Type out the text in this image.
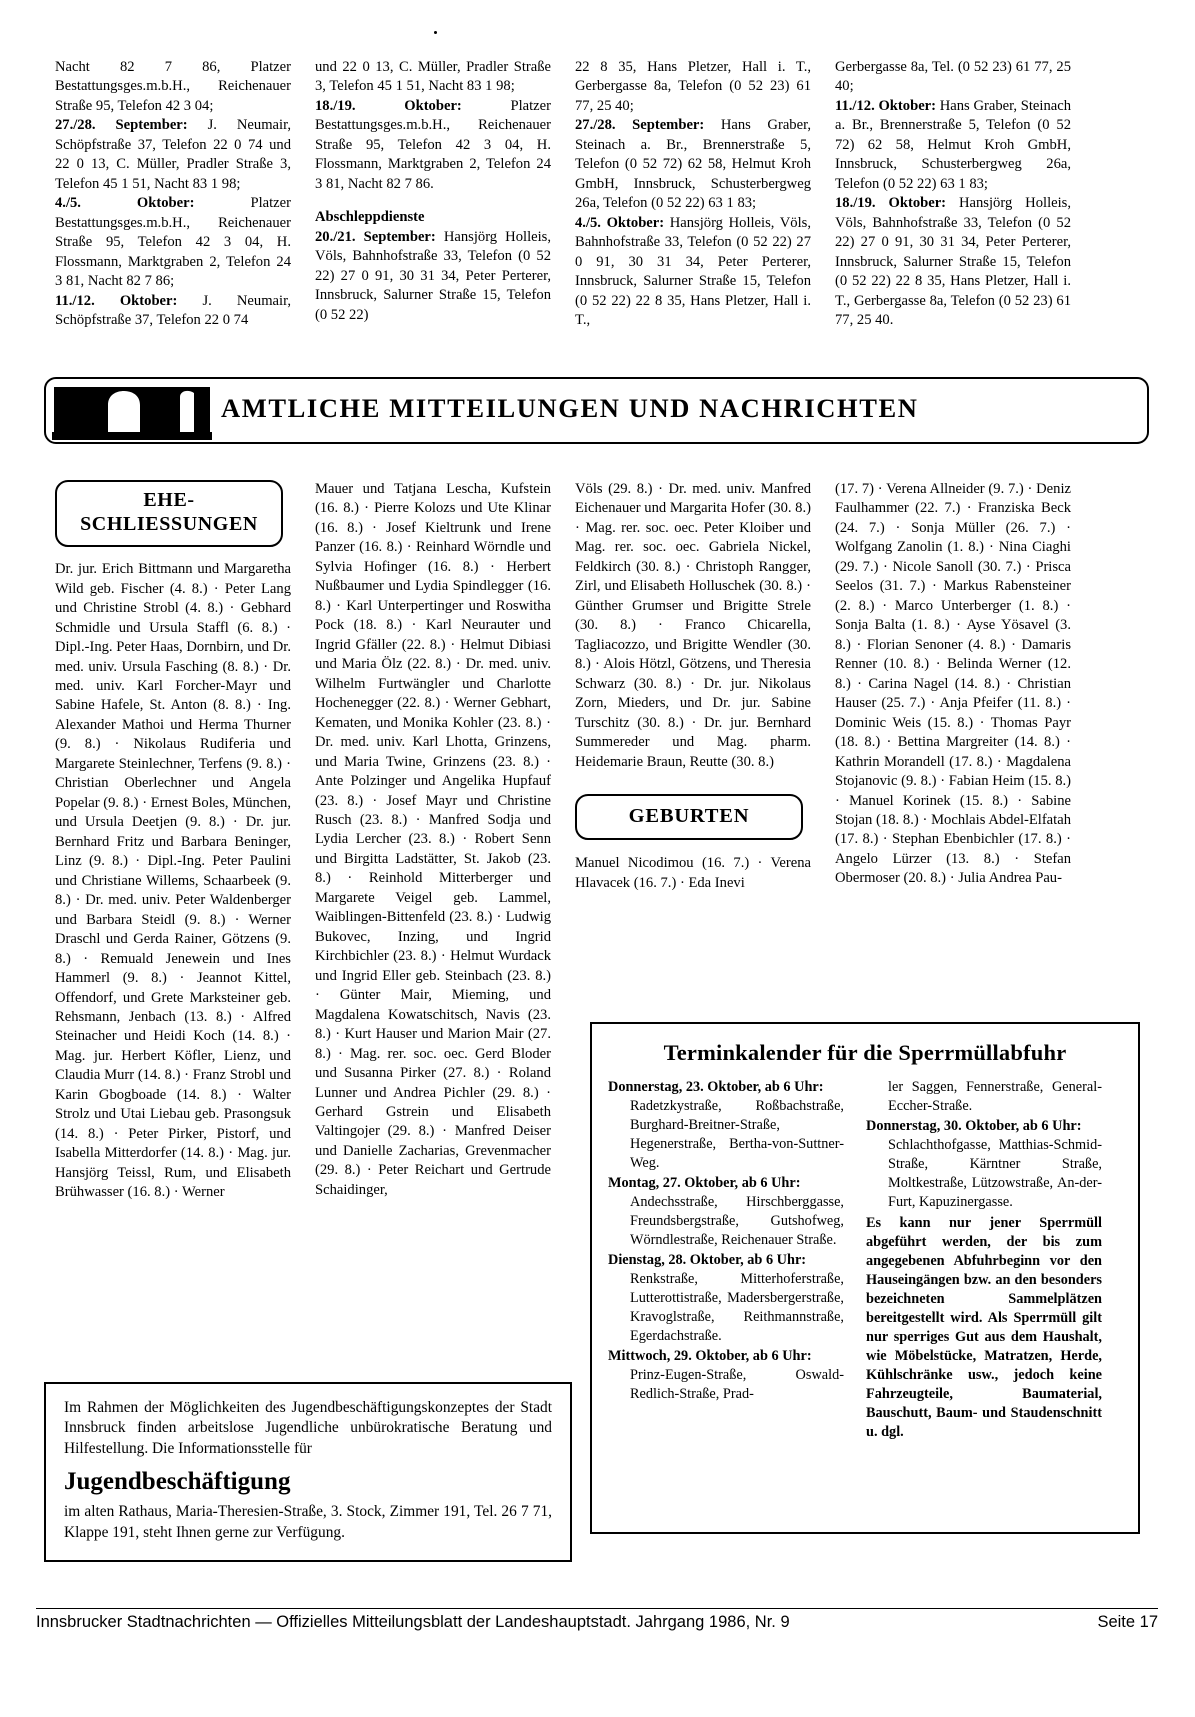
Nacht 82 7 86, Platzer Bestattungsges.m.b.H., Reichenauer Straße 95, Telefon 42 3 04;

27./28. September: J. Neumair, Schöpfstraße 37, Telefon 22 0 74 und 22 0 13, C. Müller, Pradler Straße 3, Telefon 45 1 51, Nacht 83 1 98;

4./5. Oktober: Platzer Bestattungsges.m.b.H., Reichenauer Straße 95, Telefon 42 3 04, H. Flossmann, Marktgraben 2, Telefon 24 3 81, Nacht 82 7 86;

11./12. Oktober: J. Neumair, Schöpfstraße 37, Telefon 22 0 74

und 22 0 13, C. Müller, Pradler Straße 3, Telefon 45 1 51, Nacht 83 1 98;

18./19. Oktober: Platzer Bestattungsges.m.b.H., Reichenauer Straße 95, Telefon 42 3 04, H. Flossmann, Marktgraben 2, Telefon 24 3 81, Nacht 82 7 86.

Abschleppdienste

20./21. September: Hansjörg Holleis, Völs, Bahnhofstraße 33, Telefon (0 52 22) 27 0 91, 30 31 34, Peter Perterer, Innsbruck, Salurner Straße 15, Telefon (0 52 22)

22 8 35, Hans Pletzer, Hall i. T., Gerbergasse 8a, Telefon (0 52 23) 61 77, 25 40;

27./28. September: Hans Graber, Steinach a. Br., Brennerstraße 5, Telefon (0 52 72) 62 58, Helmut Kroh GmbH, Innsbruck, Schusterbergweg 26a, Telefon (0 52 22) 63 1 83;

4./5. Oktober: Hansjörg Holleis, Völs, Bahnhofstraße 33, Telefon (0 52 22) 27 0 91, 30 31 34, Peter Perterer, Innsbruck, Salurner Straße 15, Telefon (0 52 22) 22 8 35, Hans Pletzer, Hall i. T.,

Gerbergasse 8a, Tel. (0 52 23) 61 77, 25 40;

11./12. Oktober: Hans Graber, Steinach a. Br., Brennerstraße 5, Telefon (0 52 72) 62 58, Helmut Kroh GmbH, Innsbruck, Schusterbergweg 26a, Telefon (0 52 22) 63 1 83;

18./19. Oktober: Hansjörg Holleis, Völs, Bahnhofstraße 33, Telefon (0 52 22) 27 0 91, 30 31 34, Peter Perterer, Innsbruck, Salurner Straße 15, Telefon (0 52 22) 22 8 35, Hans Pletzer, Hall i. T., Gerbergasse 8a, Telefon (0 52 23) 61 77, 25 40.

AMTLICHE MITTEILUNGEN UND NACHRICHTEN
EHE-
SCHLIESSUNGEN
Dr. jur. Erich Bittmann und Margaretha Wild geb. Fischer (4. 8.) · Peter Lang und Christine Strobl (4. 8.) · Gebhard Schmidle und Ursula Staffl (6. 8.) · Dipl.-Ing. Peter Haas, Dornbirn, und Dr. med. univ. Ursula Fasching (8. 8.) · Dr. med. univ. Karl Forcher-Mayr und Sabine Hafele, St. Anton (8. 8.) · Ing. Alexander Mathoi und Herma Thurner (9. 8.) · Nikolaus Rudiferia und Margarete Steinlechner, Terfens (9. 8.) · Christian Oberlechner und Angela Popelar (9. 8.) · Ernest Boles, München, und Ursula Deetjen (9. 8.) · Dr. jur. Bernhard Fritz und Barbara Beninger, Linz (9. 8.) · Dipl.-Ing. Peter Paulini und Christiane Willems, Schaarbeek (9. 8.) · Dr. med. univ. Peter Waldenberger und Barbara Steidl (9. 8.) · Werner Draschl und Gerda Rainer, Götzens (9. 8.) · Remuald Jenewein und Ines Hammerl (9. 8.) · Jeannot Kittel, Offendorf, und Grete Marksteiner geb. Rehsmann, Jenbach (13. 8.) · Alfred Steinacher und Heidi Koch (14. 8.) · Mag. jur. Herbert Köfler, Lienz, und Claudia Murr (14. 8.) · Franz Strobl und Karin Gbogboade (14. 8.) · Walter Strolz und Utai Liebau geb. Prasongsuk (14. 8.) · Peter Pirker, Pistorf, und Isabella Mitterdorfer (14. 8.) · Mag. jur. Hansjörg Teissl, Rum, und Elisabeth Brühwasser (16. 8.) · Werner
Mauer und Tatjana Lescha, Kufstein (16. 8.) · Pierre Kolozs und Ute Klinar (16. 8.) · Josef Kieltrunk und Irene Panzer (16. 8.) · Reinhard Wörndle und Sylvia Hofinger (16. 8.) · Herbert Nußbaumer und Lydia Spindlegger (16. 8.) · Karl Unterpertinger und Roswitha Pock (18. 8.) · Karl Neurauter und Ingrid Gfäller (22. 8.) · Helmut Dibiasi und Maria Ölz (22. 8.) · Dr. med. univ. Wilhelm Furtwängler und Charlotte Hochenegger (22. 8.) · Werner Gebhart, Kematen, und Monika Kohler (23. 8.) · Dr. med. univ. Karl Lhotta, Grinzens, und Maria Twine, Grinzens (23. 8.) · Ante Polzinger und Angelika Hupfauf (23. 8.) · Josef Mayr und Christine Rusch (23. 8.) · Manfred Sodja und Lydia Lercher (23. 8.) · Robert Senn und Birgitta Ladstätter, St. Jakob (23. 8.) · Reinhold Mitterberger und Margarete Veigel geb. Lammel, Waiblingen-Bittenfeld (23. 8.) · Ludwig Bukovec, Inzing, und Ingrid Kirchbichler (23. 8.) · Helmut Wurdack und Ingrid Eller geb. Steinbach (23. 8.) · Günter Mair, Mieming, und Magdalena Kowatschitsch, Navis (23. 8.) · Kurt Hauser und Marion Mair (27. 8.) · Mag. rer. soc. oec. Gerd Bloder und Susanna Pirker (27. 8.) · Roland Lunner und Andrea Pichler (29. 8.) · Gerhard Gstrein und Elisabeth Valtingojer (29. 8.) · Manfred Deiser und Danielle Zacharias, Grevenmacher (29. 8.) · Peter Reichart und Gertrude Schaidinger,
Völs (29. 8.) · Dr. med. univ. Manfred Eichenauer und Margarita Hofer (30. 8.) · Mag. rer. soc. oec. Peter Kloiber und Mag. rer. soc. oec. Gabriela Nickel, Feldkirch (30. 8.) · Christoph Rangger, Zirl, und Elisabeth Holluschek (30. 8.) · Günther Grumser und Brigitte Strele (30. 8.) · Franco Chicarella, Tagliacozzo, und Brigitte Wendler (30. 8.) · Alois Hötzl, Götzens, und Theresia Schwarz (30. 8.) · Dr. jur. Nikolaus Zorn, Mieders, und Dr. jur. Sabine Turschitz (30. 8.) · Dr. jur. Bernhard Summereder und Mag. pharm. Heidemarie Braun, Reutte (30. 8.)
GEBURTEN
Manuel Nicodimou (16. 7.) · Verena Hlavacek (16. 7.) · Eda Inevi
(17. 7) · Verena Allneider (9. 7.) · Deniz Faulhammer (22. 7.) · Franziska Beck (24. 7.) · Sonja Müller (26. 7.) · Wolfgang Zanolin (1. 8.) · Nina Ciaghi (29. 7.) · Nicole Sanoll (30. 7.) · Prisca Seelos (31. 7.) · Markus Rabensteiner (2. 8.) · Marco Unterberger (1. 8.) · Sonja Balta (1. 8.) · Ayse Yösavel (3. 8.) · Florian Senoner (4. 8.) · Damaris Renner (10. 8.) · Belinda Werner (12. 8.) · Carina Nagel (14. 8.) · Christian Hauser (25. 7.) · Anja Pfeifer (11. 8.) · Dominic Weis (15. 8.) · Thomas Payr (18. 8.) · Bettina Margreiter (14. 8.) · Kathrin Morandell (17. 8.) · Magdalena Stojanovic (9. 8.) · Fabian Heim (15. 8.) · Manuel Korinek (15. 8.) · Sabine Stojan (18. 8.) · Mochlais Abdel-Elfatah (17. 8.) · Stephan Ebenbichler (17. 8.) · Angelo Lürzer (13. 8.) · Stefan Obermoser (20. 8.) · Julia Andrea Pau-
Terminkalender für die Sperrmüllabfuhr
Donnerstag, 23. Oktober, ab 6 Uhr:
Radetzkystraße, Roßbachstraße, Burghard-Breitner-Straße, Hegenerstraße, Bertha-von-Suttner-Weg.
Montag, 27. Oktober, ab 6 Uhr:
Andechsstraße, Hirschberggasse, Freundsbergstraße, Gutshofweg, Wörndlestraße, Reichenauer Straße.
Dienstag, 28. Oktober, ab 6 Uhr:
Renkstraße, Mitterhoferstraße, Lutterottistraße, Madersbergerstraße, Kravoglstraße, Reithmannstraße, Egerdachstraße.
Mittwoch, 29. Oktober, ab 6 Uhr:
Prinz-Eugen-Straße, Oswald-Redlich-Straße, Prad-
ler Saggen, Fennerstraße, General-Eccher-Straße.
Donnerstag, 30. Oktober, ab 6 Uhr:
Schlachthofgasse, Matthias-Schmid-Straße, Kärntner Straße, Moltkestraße, Lützowstraße, An-der-Furt, Kapuzinergasse.
Es kann nur jener Sperrmüll abgeführt werden, der bis zum angegebenen Abfuhrbeginn vor den Hauseingängen bzw. an den besonders bezeichneten Sammelplätzen bereitgestellt wird. Als Sperrmüll gilt nur sperriges Gut aus dem Haushalt, wie Möbelstücke, Matratzen, Herde, Kühlschränke usw., jedoch keine Fahrzeugteile, Baumaterial, Bauschutt, Baum- und Staudenschnitt u. dgl.
Im Rahmen der Möglichkeiten des Jugendbeschäftigungskonzeptes der Stadt Innsbruck finden arbeitslose Jugendliche unbürokratische Beratung und Hilfestellung. Die Informationsstelle für
Jugendbeschäftigung
im alten Rathaus, Maria-Theresien-Straße, 3. Stock, Zimmer 191, Tel. 26 7 71, Klappe 191, steht Ihnen gerne zur Verfügung.
Innsbrucker Stadtnachrichten — Offizielles Mitteilungsblatt der Landeshauptstadt. Jahrgang 1986, Nr. 9	Seite 17
